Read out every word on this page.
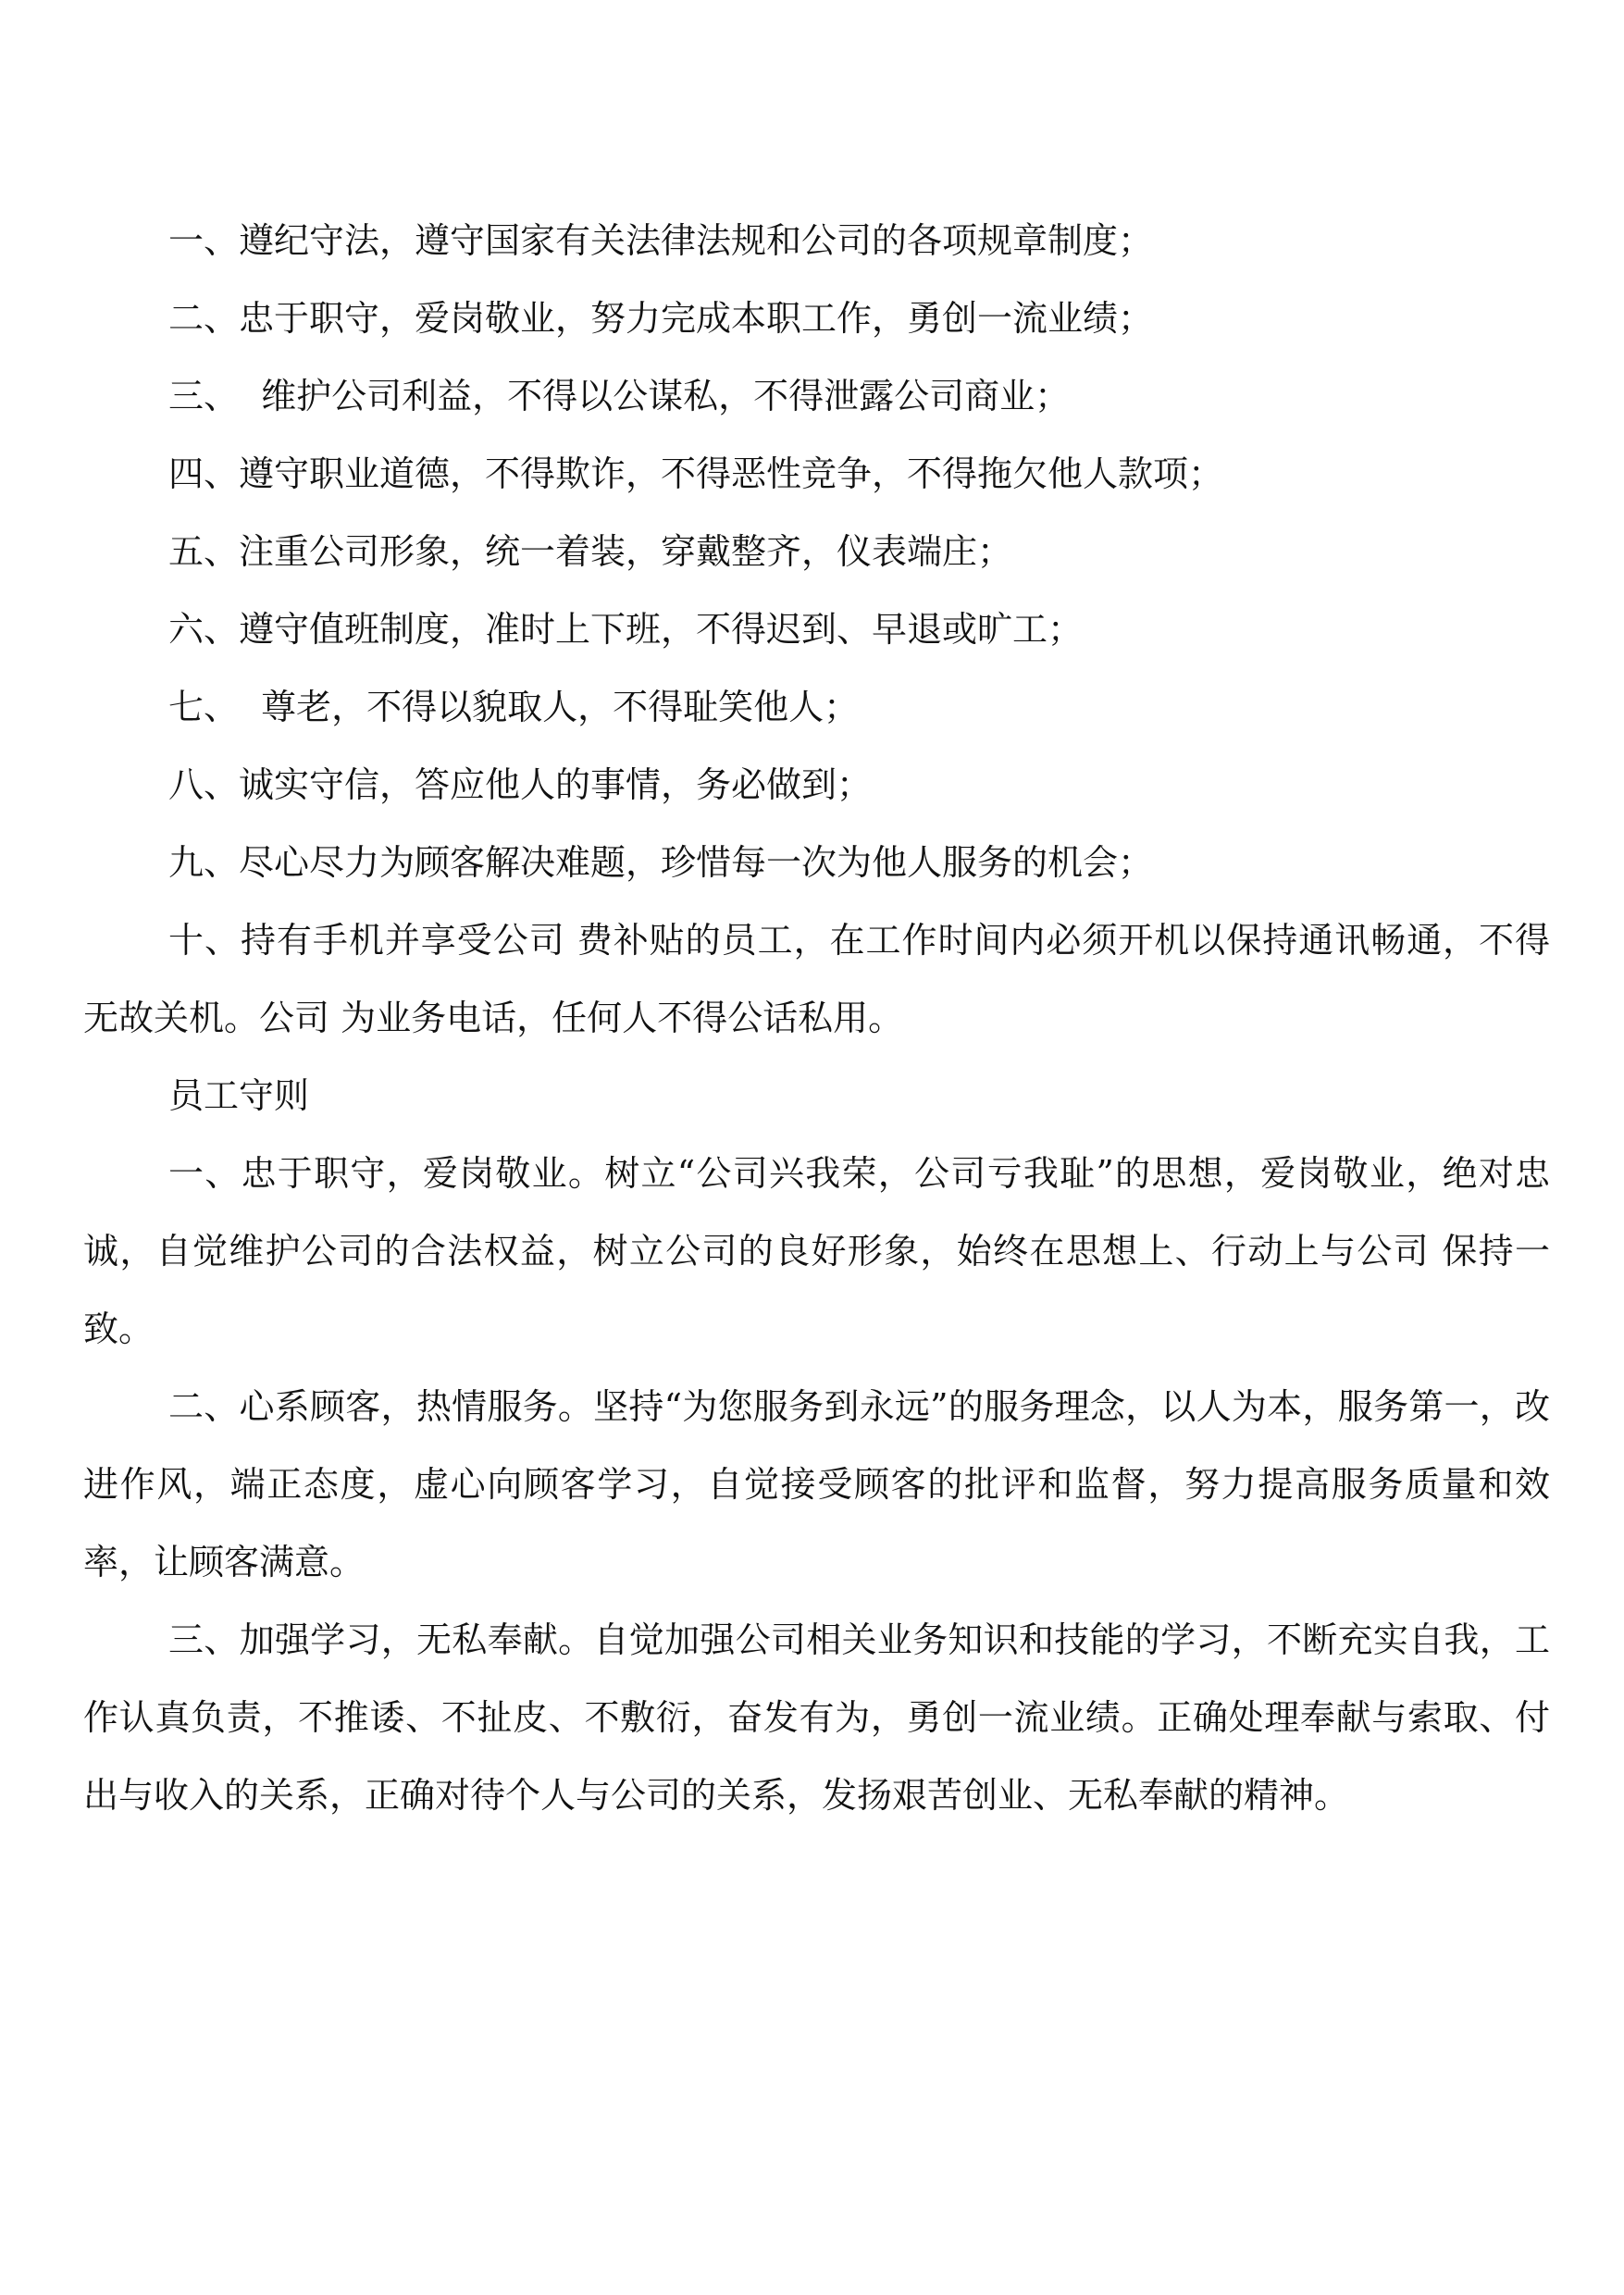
一、遵纪守法，遵守国家有关法律法规和公司的各项规章制度；

二、忠于职守，爱岗敬业，努力完成本职工作，勇创一流业绩；

三、  维护公司利益，不得以公谋私，不得泄露公司商业；

四、遵守职业道德，不得欺诈，不得恶性竞争，不得拖欠他人款项；

五、注重公司形象，统一着装，穿戴整齐，仪表端庄；

六、遵守值班制度，准时上下班，不得迟到、早退或旷工；

七、  尊老，不得以貌取人，不得耻笑他人；

八、诚实守信，答应他人的事情，务必做到；

九、尽心尽力为顾客解决难题，珍惜每一次为他人服务的机会；

十、持有手机并享受公司 费补贴的员工，在工作时间内必须开机以保持通讯畅通，不得无故关机。公司 为业务电话，任何人不得公话私用。

员工守则

一、忠于职守，爱岗敬业。树立“公司兴我荣，公司亏我耻”的思想，爱岗敬业，绝对忠诚，自觉维护公司的合法权益，树立公司的良好形象，始终在思想上、行动上与公司 保持一致。

二、心系顾客，热情服务。坚持“为您服务到永远”的服务理念，以人为本，服务第一，改进作风，端正态度，虚心向顾客学习，自觉接受顾客的批评和监督，努力提高服务质量和效率，让顾客满意。

三、加强学习，无私奉献。自觉加强公司相关业务知识和技能的学习，不断充实自我，工作认真负责，不推诿、不扯皮、不敷衍，奋发有为，勇创一流业绩。正确处理奉献与索取、付出与收入的关系，正确对待个人与公司的关系，发扬艰苦创业、无私奉献的精神。
